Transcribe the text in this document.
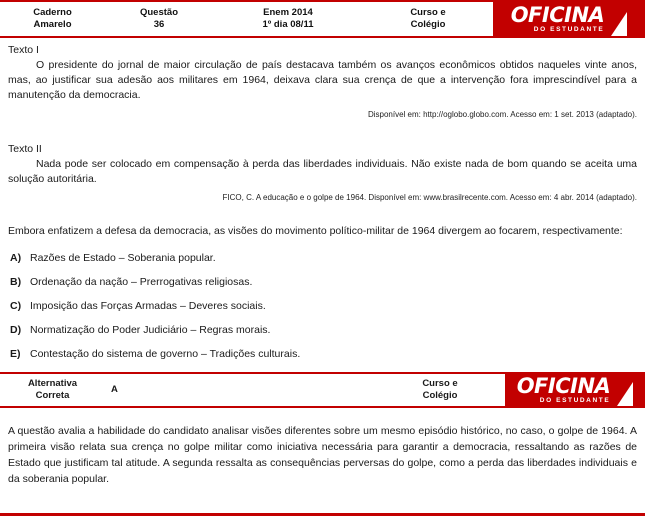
Caderno
Amarelo
Questão
36
Enem 2014
1º dia 08/11
Curso e
Colégio	OFICINA
DO ESTUDANTE
Texto I

O presidente do jornal de maior circulação de país destacava também os avanços econômicos obtidos naqueles vinte anos, mas, ao justificar sua adesão aos militares em 1964, deixava clara sua crença de que a intervenção fora imprescindível para a manutenção da democracia.

Disponível em: http://oglobo.globo.com. Acesso em: 1 set. 2013 (adaptado).
Texto II

Nada pode ser colocado em compensação à perda das liberdades individuais. Não existe nada de bom quando se aceita uma solução autoritária.

FICO, C. A educação e o golpe de 1964. Disponível em: www.brasilrecente.com. Acesso em: 4 abr. 2014 (adaptado).

Embora enfatizem a defesa da democracia, as visões do movimento político-militar de 1964 divergem ao focarem, respectivamente:

A) Razões de Estado – Soberania popular.
B) Ordenação da nação – Prerrogativas religiosas.
C) Imposição das Forças Armadas – Deveres sociais.
D) Normatização do Poder Judiciário – Regras morais.
E) Contestação do sistema de governo – Tradições culturais.
Alternativa
Correta
A
Curso e
Colégio	OFICINA
DO ESTUDANTE

A questão avalia a habilidade do candidato analisar visões diferentes sobre um mesmo episódio histórico, no caso, o golpe de 1964. A primeira visão relata sua crença no golpe militar como iniciativa necessária para garantir a democracia, ressaltando as razões de Estado que justificam tal atitude. A segunda ressalta as consequências perversas do golpe, como a perda das liberdades individuais e da soberania popular.
